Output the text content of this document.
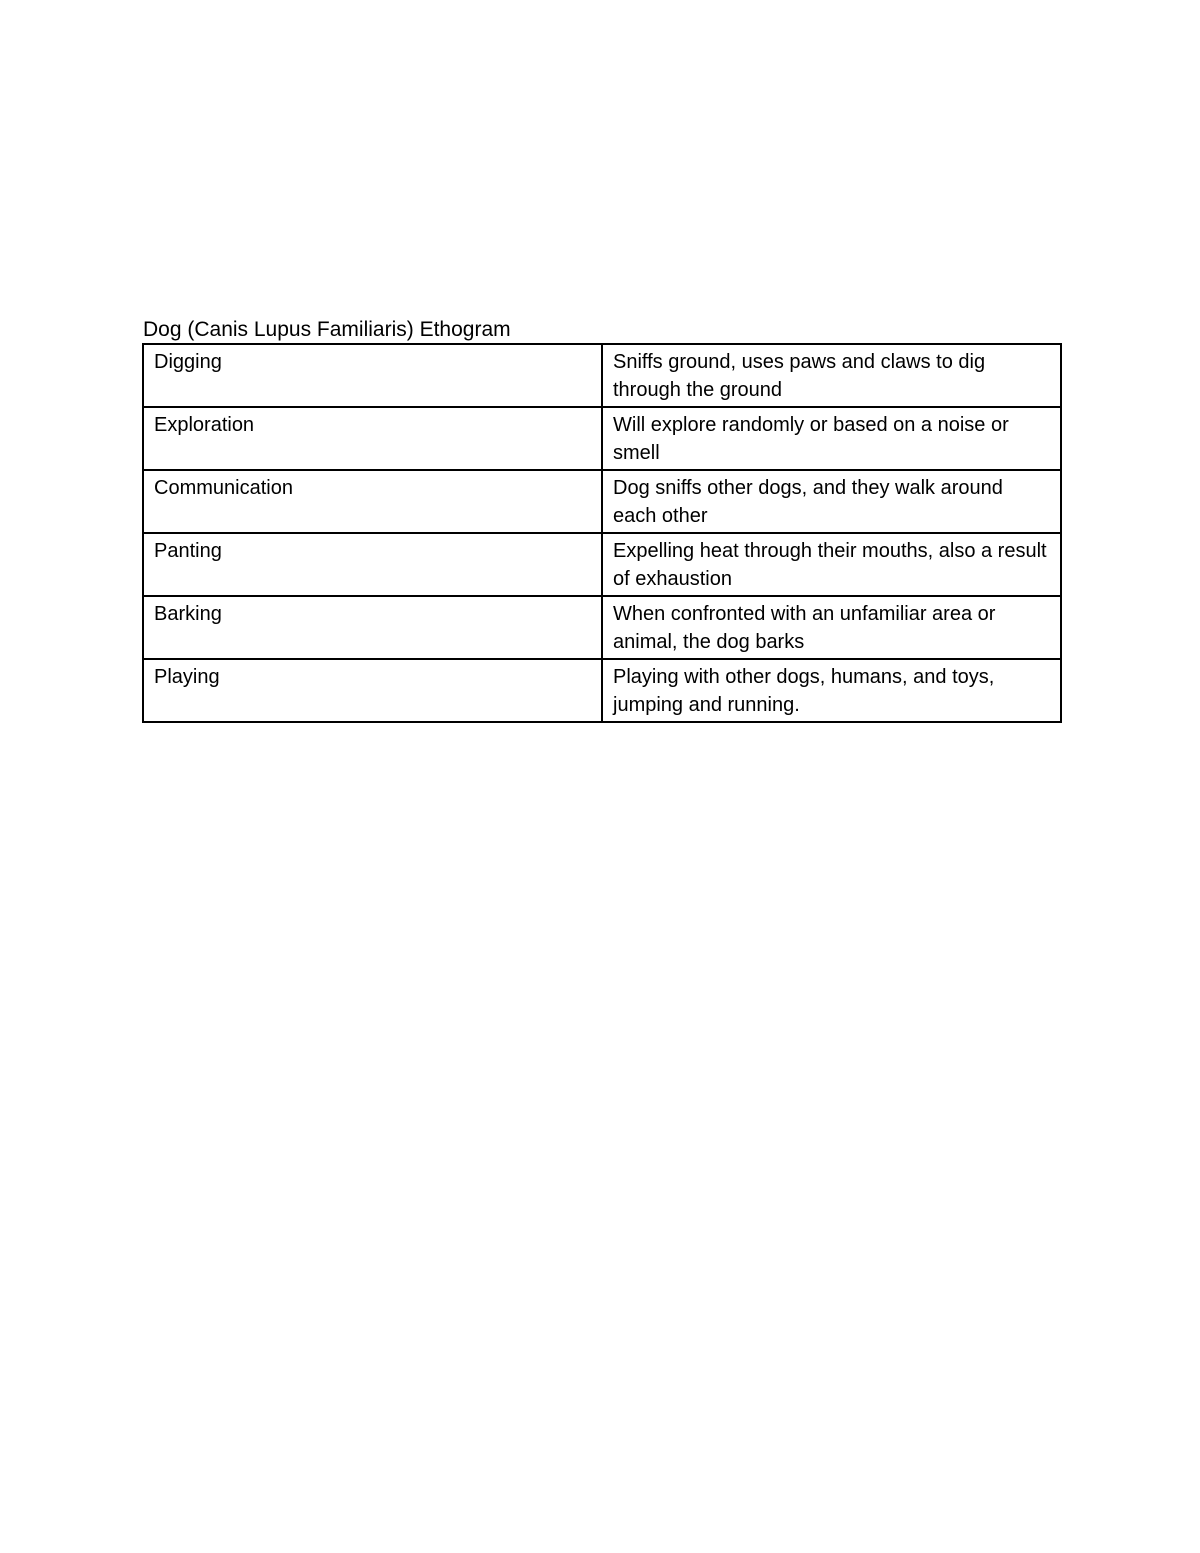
Dog (Canis Lupus Familiaris) Ethogram
Digging	Sniffs ground, uses paws and claws to dig through the ground
Exploration	Will explore randomly or based on a noise or smell
Communication	Dog sniffs other dogs, and they walk around each other
Panting	Expelling heat through their mouths, also a result of exhaustion
Barking	When confronted with an unfamiliar area or animal, the dog barks
Playing	Playing with other dogs, humans, and toys, jumping and running.
